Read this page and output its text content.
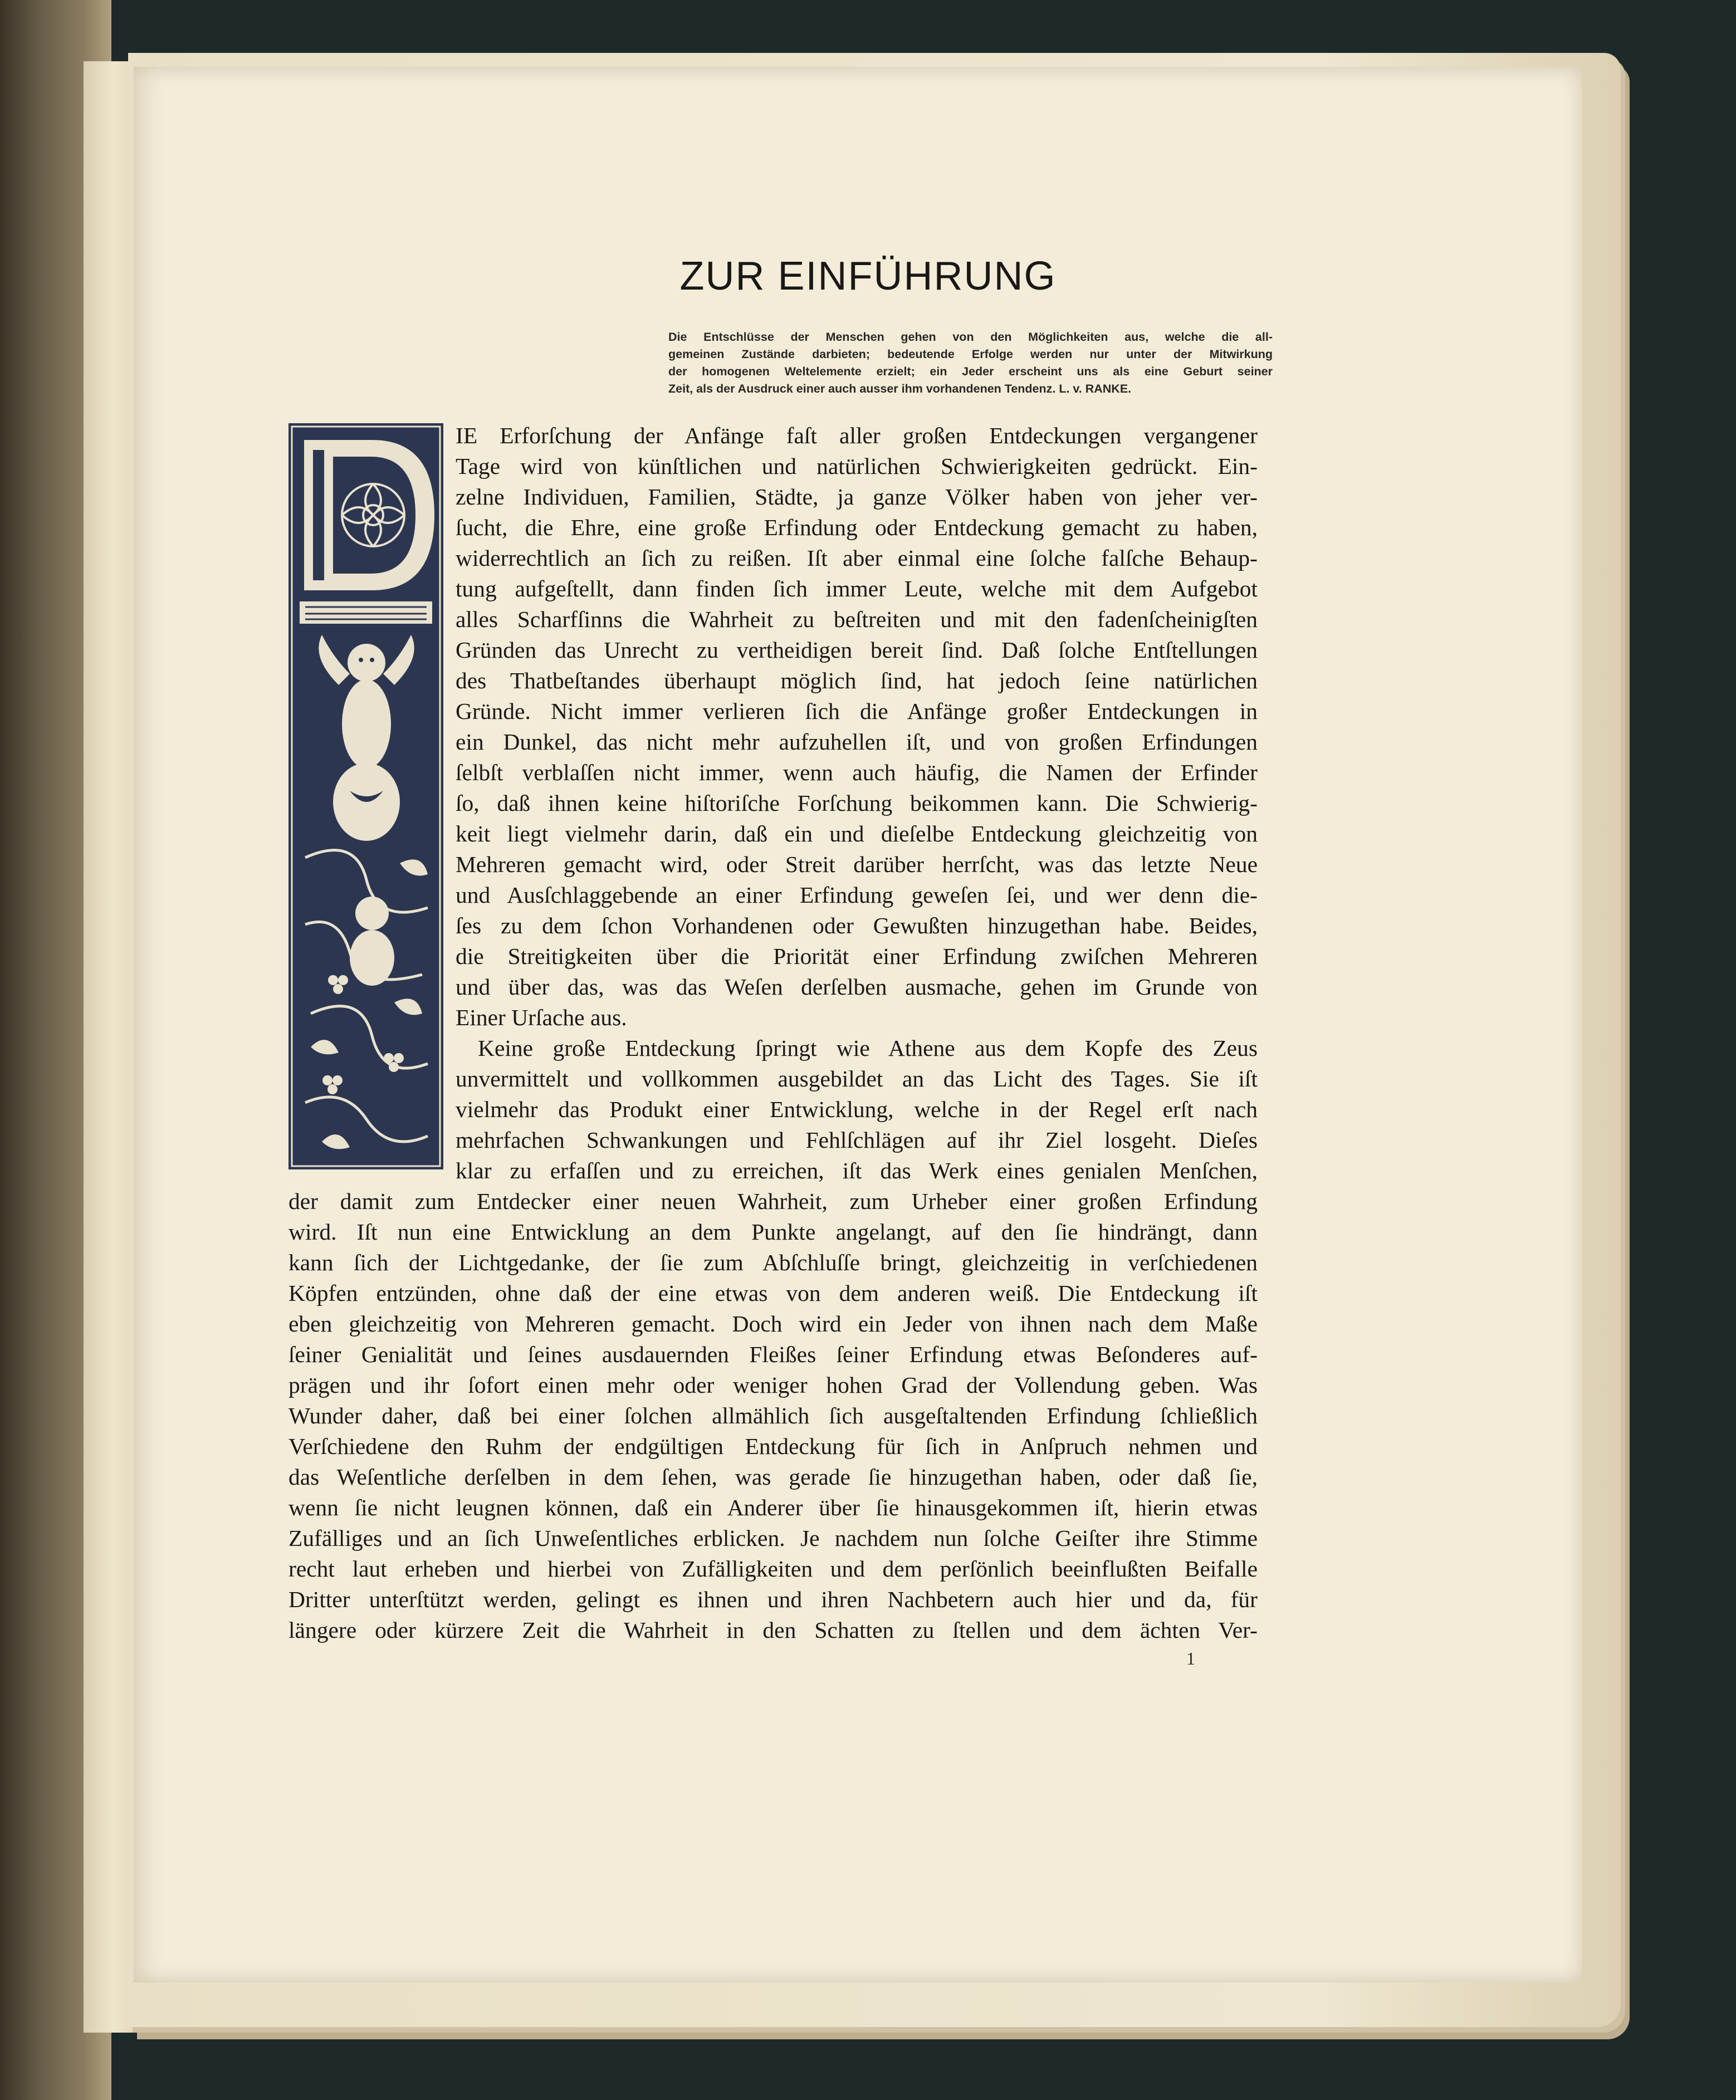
ZUR EINFÜHRUNG
Die Entschlüsse der Menschen gehen von den Möglichkeiten aus, welche die all-
gemeinen Zustände darbieten; bedeutende Erfolge werden nur unter der Mitwirkung
der homogenen Weltelemente erzielt; ein Jeder erscheint uns als eine Geburt seiner
Zeit, als der Ausdruck einer auch ausser ihm vorhandenen Tendenz. L. v. RANKE.
IE Erforſchung der Anfänge faſt aller großen Entdeckungen vergangener
Tage wird von künſtlichen und natürlichen Schwierigkeiten gedrückt. Ein-
zelne Individuen, Familien, Städte, ja ganze Völker haben von jeher ver-
ſucht, die Ehre, eine große Erfindung oder Entdeckung gemacht zu haben,
widerrechtlich an ſich zu reißen. Iſt aber einmal eine ſolche falſche Behaup-
tung aufgeſtellt, dann finden ſich immer Leute, welche mit dem Aufgebot
alles Scharfſinns die Wahrheit zu beſtreiten und mit den fadenſcheinigſten
Gründen das Unrecht zu vertheidigen bereit ſind. Daß ſolche Entſtellungen
des Thatbeſtandes überhaupt möglich ſind, hat jedoch ſeine natürlichen
Gründe. Nicht immer verlieren ſich die Anfänge großer Entdeckungen in
ein Dunkel, das nicht mehr aufzuhellen iſt, und von großen Erfindungen
ſelbſt verblaſſen nicht immer, wenn auch häufig, die Namen der Erfinder
ſo, daß ihnen keine hiſtoriſche Forſchung beikommen kann. Die Schwierig-
keit liegt vielmehr darin, daß ein und dieſelbe Entdeckung gleichzeitig von
Mehreren gemacht wird, oder Streit darüber herrſcht, was das letzte Neue
und Ausſchlaggebende an einer Erfindung geweſen ſei, und wer denn die-
ſes zu dem ſchon Vorhandenen oder Gewußten hinzugethan habe. Beides,
die Streitigkeiten über die Priorität einer Erfindung zwiſchen Mehreren
und über das, was das Weſen derſelben ausmache, gehen im Grunde von
Einer Urſache aus.
Keine große Entdeckung ſpringt wie Athene aus dem Kopfe des Zeus
unvermittelt und vollkommen ausgebildet an das Licht des Tages. Sie iſt
vielmehr das Produkt einer Entwicklung, welche in der Regel erſt nach
mehrfachen Schwankungen und Fehlſchlägen auf ihr Ziel losgeht. Dieſes
klar zu erfaſſen und zu erreichen, iſt das Werk eines genialen Menſchen,
der damit zum Entdecker einer neuen Wahrheit, zum Urheber einer großen Erfindung
wird. Iſt nun eine Entwicklung an dem Punkte angelangt, auf den ſie hindrängt, dann
kann ſich der Lichtgedanke, der ſie zum Abſchluſſe bringt, gleichzeitig in verſchiedenen
Köpfen entzünden, ohne daß der eine etwas von dem anderen weiß. Die Entdeckung iſt
eben gleichzeitig von Mehreren gemacht. Doch wird ein Jeder von ihnen nach dem Maße
ſeiner Genialität und ſeines ausdauernden Fleißes ſeiner Erfindung etwas Beſonderes auf-
prägen und ihr ſofort einen mehr oder weniger hohen Grad der Vollendung geben. Was
Wunder daher, daß bei einer ſolchen allmählich ſich ausgeſtaltenden Erfindung ſchließlich
Verſchiedene den Ruhm der endgültigen Entdeckung für ſich in Anſpruch nehmen und
das Weſentliche derſelben in dem ſehen, was gerade ſie hinzugethan haben, oder daß ſie,
wenn ſie nicht leugnen können, daß ein Anderer über ſie hinausgekommen iſt, hierin etwas
Zufälliges und an ſich Unweſentliches erblicken. Je nachdem nun ſolche Geiſter ihre Stimme
recht laut erheben und hierbei von Zufälligkeiten und dem perſönlich beeinflußten Beifalle
Dritter unterſtützt werden, gelingt es ihnen und ihren Nachbetern auch hier und da, für
längere oder kürzere Zeit die Wahrheit in den Schatten zu ſtellen und dem ächten Ver-
1
